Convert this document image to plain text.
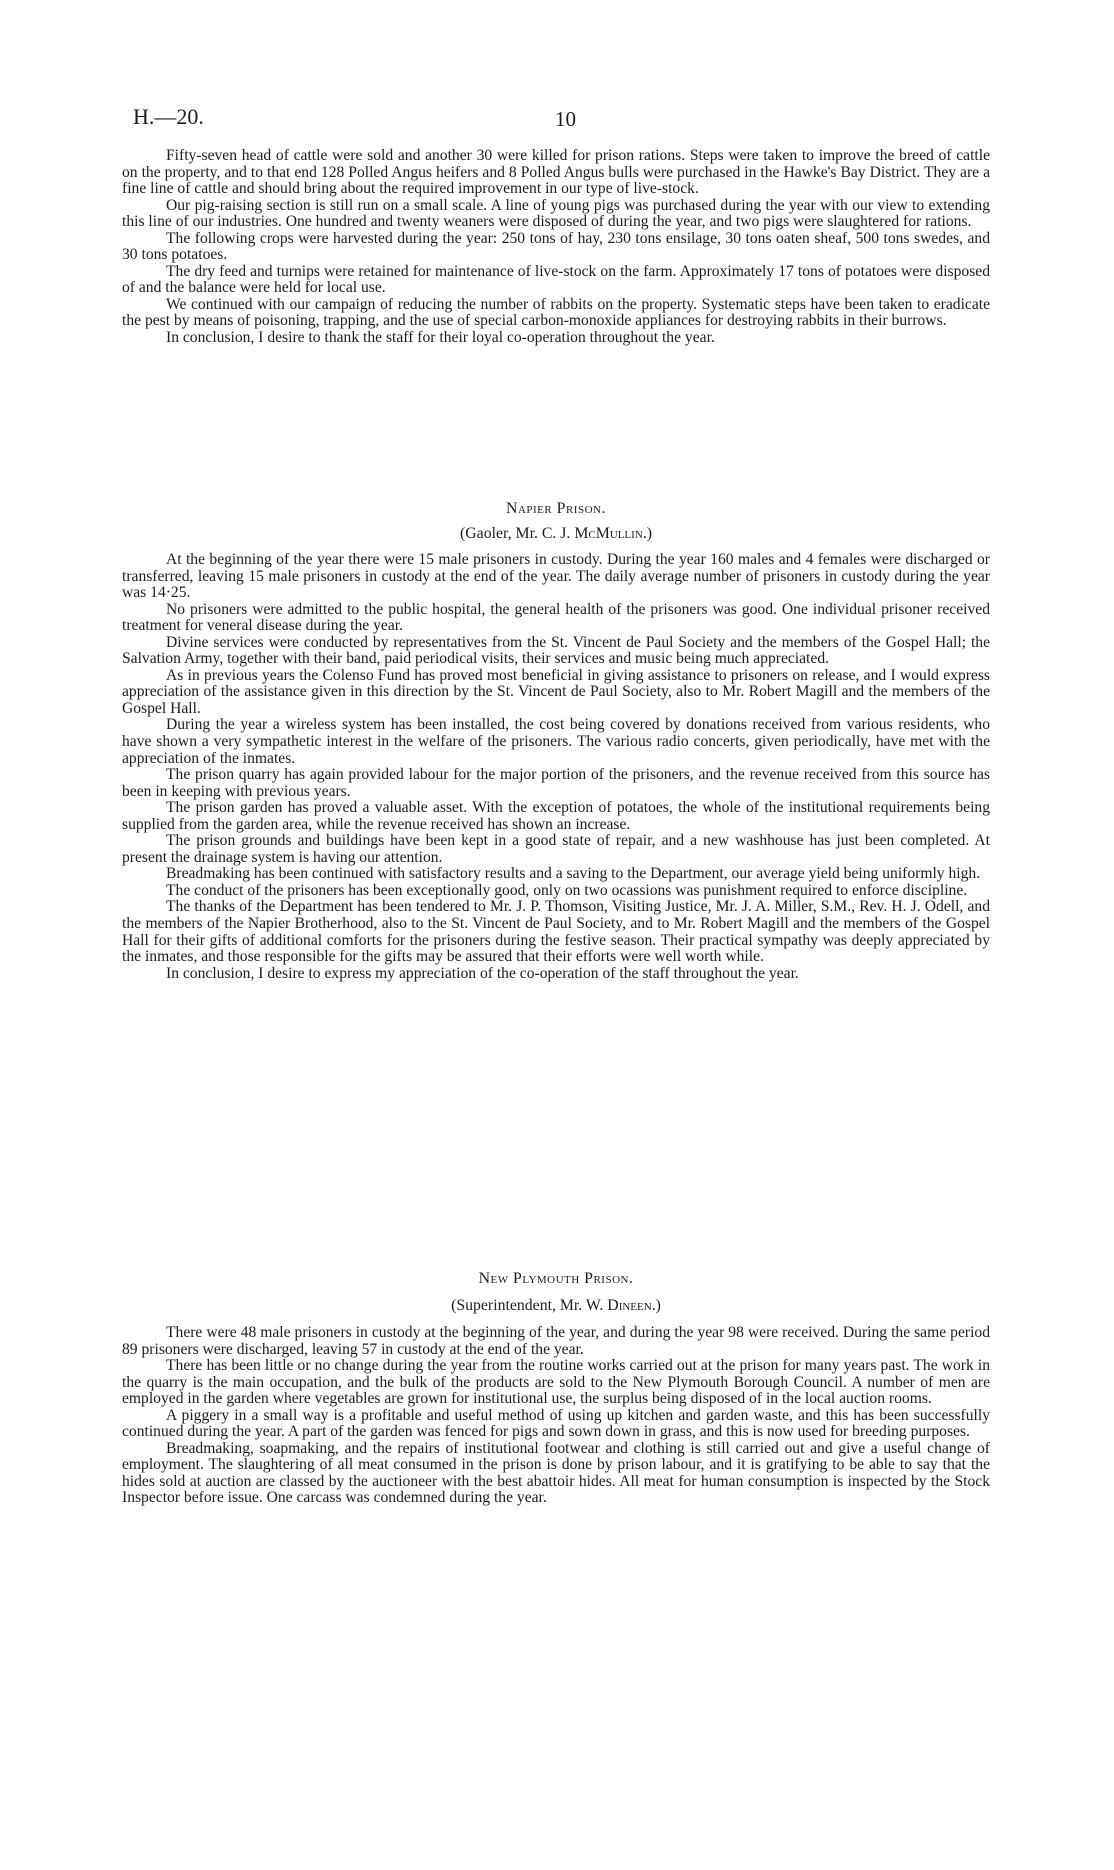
H.—20.	10

Fifty-seven head of cattle were sold and another 30 were killed for prison rations. Steps were taken to improve the breed of cattle on the property, and to that end 128 Polled Angus heifers and 8 Polled Angus bulls were purchased in the Hawke's Bay District. They are a fine line of cattle and should bring about the required improvement in our type of live-stock.

Our pig-raising section is still run on a small scale. A line of young pigs was purchased during the year with our view to extending this line of our industries. One hundred and twenty weaners were disposed of during the year, and two pigs were slaughtered for rations.

The following crops were harvested during the year: 250 tons of hay, 230 tons ensilage, 30 tons oaten sheaf, 500 tons swedes, and 30 tons potatoes.

The dry feed and turnips were retained for maintenance of live-stock on the farm. Approximately 17 tons of potatoes were disposed of and the balance were held for local use.

We continued with our campaign of reducing the number of rabbits on the property. Systematic steps have been taken to eradicate the pest by means of poisoning, trapping, and the use of special carbon-monoxide appliances for destroying rabbits in their burrows.

In conclusion, I desire to thank the staff for their loyal co-operation throughout the year.

Napier Prison.

(Gaoler, Mr. C. J. McMullin.)

At the beginning of the year there were 15 male prisoners in custody. During the year 160 males and 4 females were discharged or transferred, leaving 15 male prisoners in custody at the end of the year. The daily average number of prisoners in custody during the year was 14·25.

No prisoners were admitted to the public hospital, the general health of the prisoners was good. One individual prisoner received treatment for veneral disease during the year.

Divine services were conducted by representatives from the St. Vincent de Paul Society and the members of the Gospel Hall; the Salvation Army, together with their band, paid periodical visits, their services and music being much appreciated.

As in previous years the Colenso Fund has proved most beneficial in giving assistance to prisoners on release, and I would express appreciation of the assistance given in this direction by the St. Vincent de Paul Society, also to Mr. Robert Magill and the members of the Gospel Hall.

During the year a wireless system has been installed, the cost being covered by donations received from various residents, who have shown a very sympathetic interest in the welfare of the prisoners. The various radio concerts, given periodically, have met with the appreciation of the inmates.

The prison quarry has again provided labour for the major portion of the prisoners, and the revenue received from this source has been in keeping with previous years.

The prison garden has proved a valuable asset. With the exception of potatoes, the whole of the institutional requirements being supplied from the garden area, while the revenue received has shown an increase.

The prison grounds and buildings have been kept in a good state of repair, and a new washhouse has just been completed. At present the drainage system is having our attention.

Breadmaking has been continued with satisfactory results and a saving to the Department, our average yield being uniformly high.

The conduct of the prisoners has been exceptionally good, only on two ocassions was punishment required to enforce discipline.

The thanks of the Department has been tendered to Mr. J. P. Thomson, Visiting Justice, Mr. J. A. Miller, S.M., Rev. H. J. Odell, and the members of the Napier Brotherhood, also to the St. Vincent de Paul Society, and to Mr. Robert Magill and the members of the Gospel Hall for their gifts of additional comforts for the prisoners during the festive season. Their practical sympathy was deeply appreciated by the inmates, and those responsible for the gifts may be assured that their efforts were well worth while.

In conclusion, I desire to express my appreciation of the co-operation of the staff throughout the year.

New Plymouth Prison.

(Superintendent, Mr. W. Dineen.)

There were 48 male prisoners in custody at the beginning of the year, and during the year 98 were received. During the same period 89 prisoners were discharged, leaving 57 in custody at the end of the year.

There has been little or no change during the year from the routine works carried out at the prison for many years past. The work in the quarry is the main occupation, and the bulk of the products are sold to the New Plymouth Borough Council. A number of men are employed in the garden where vegetables are grown for institutional use, the surplus being disposed of in the local auction rooms.

A piggery in a small way is a profitable and useful method of using up kitchen and garden waste, and this has been successfully continued during the year. A part of the garden was fenced for pigs and sown down in grass, and this is now used for breeding purposes.

Breadmaking, soapmaking, and the repairs of institutional footwear and clothing is still carried out and give a useful change of employment. The slaughtering of all meat consumed in the prison is done by prison labour, and it is gratifying to be able to say that the hides sold at auction are classed by the auctioneer with the best abattoir hides. All meat for human consumption is inspected by the Stock Inspector before issue. One carcass was condemned during the year.
